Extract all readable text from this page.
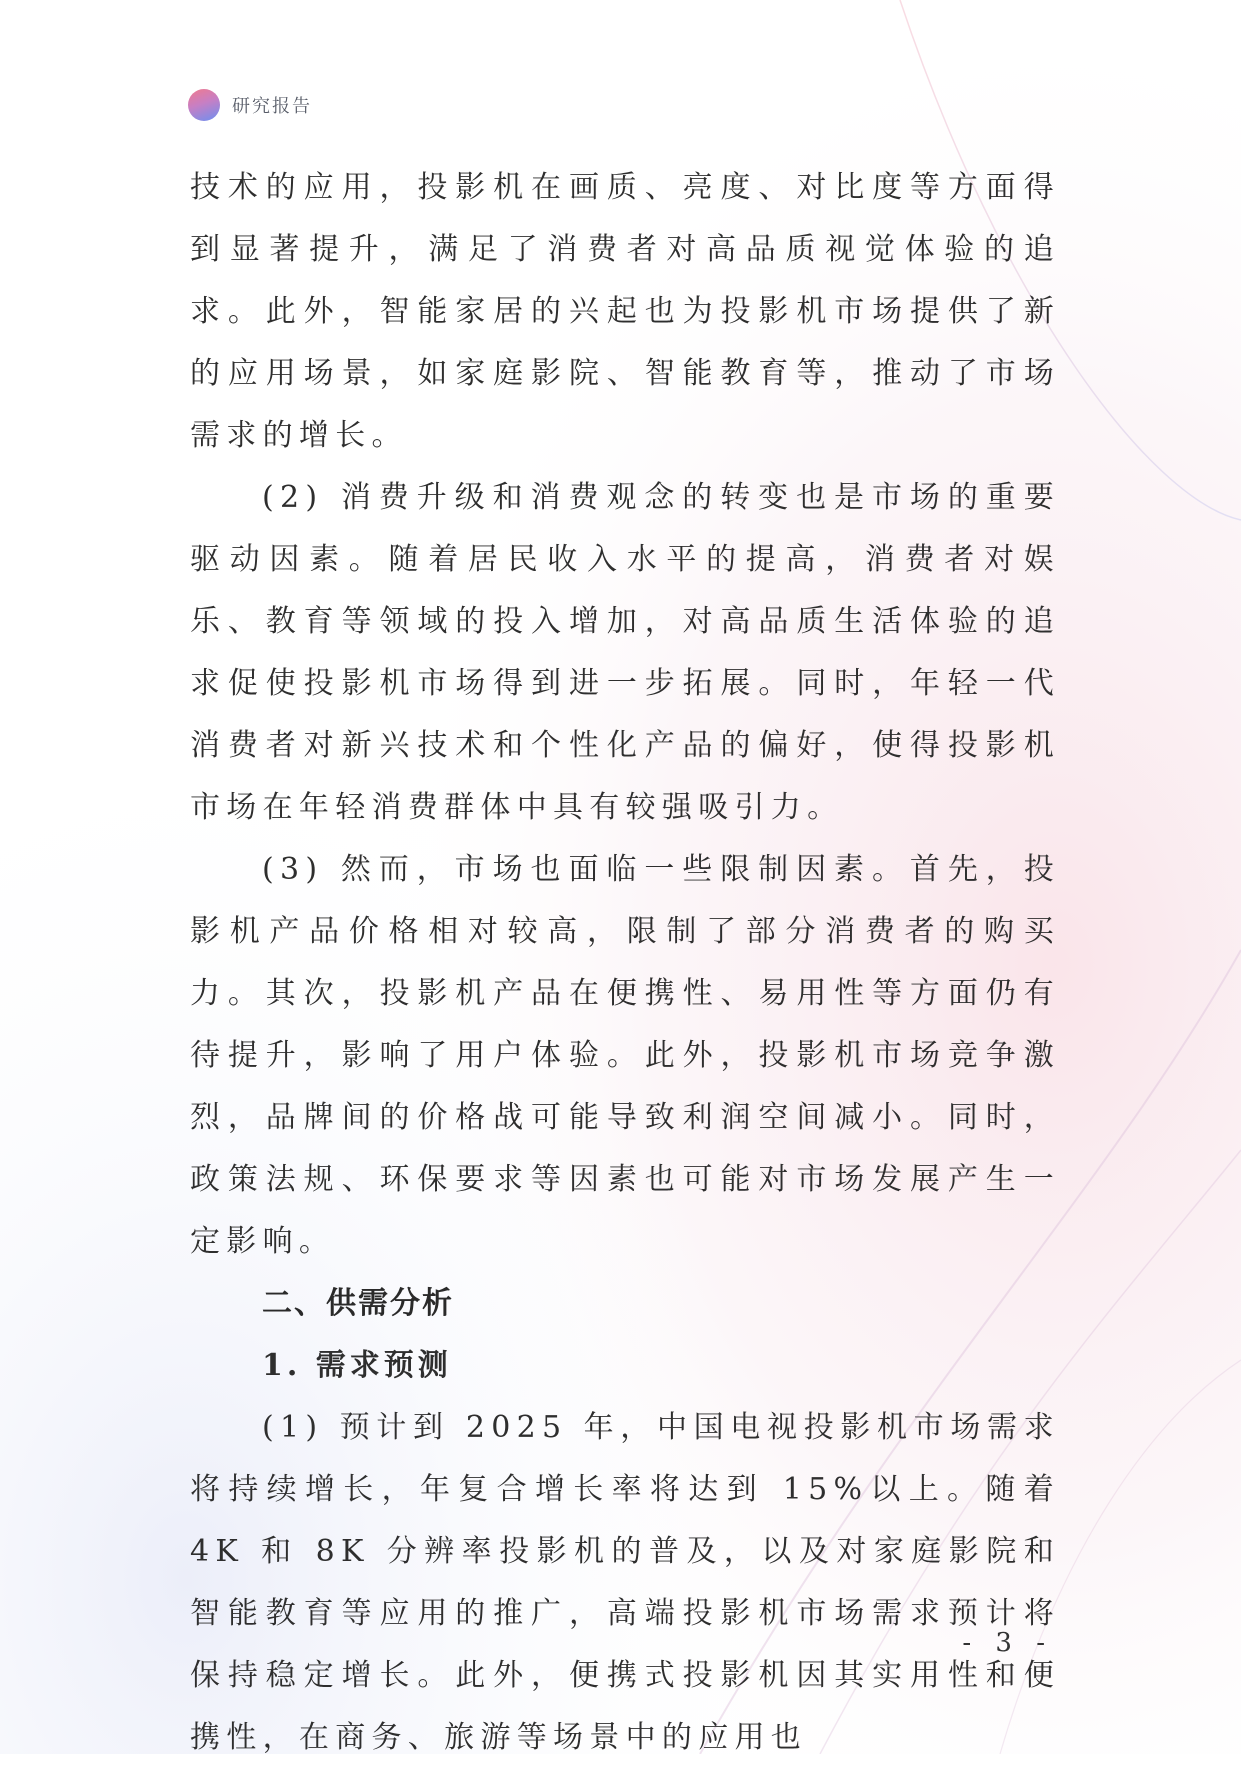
研究报告

技术的应用，投影机在画质、亮度、对比度等方面得到显著提升，满足了消费者对高品质视觉体验的追求。此外，智能家居的兴起也为投影机市场提供了新的应用场景，如家庭影院、智能教育等，推动了市场需求的增长。

(2) 消费升级和消费观念的转变也是市场的重要驱动因素。随着居民收入水平的提高，消费者对娱乐、教育等领域的投入增加，对高品质生活体验的追求促使投影机市场得到进一步拓展。同时，年轻一代消费者对新兴技术和个性化产品的偏好，使得投影机市场在年轻消费群体中具有较强吸引力。

(3) 然而，市场也面临一些限制因素。首先，投影机产品价格相对较高，限制了部分消费者的购买力。其次，投影机产品在便携性、易用性等方面仍有待提升，影响了用户体验。此外，投影机市场竞争激烈，品牌间的价格战可能导致利润空间减小。同时，政策法规、环保要求等因素也可能对市场发展产生一定影响。

二、供需分析
1. 需求预测

(1) 预计到 2025 年，中国电视投影机市场需求将持续增长，年复合增长率将达到 15%以上。随着 4K 和 8K 分辨率投影机的普及，以及对家庭影院和智能教育等应用的推广，高端投影机市场需求预计将保持稳定增长。此外，便携式投影机因其实用性和便携性，在商务、旅游等场景中的应用也

- 3 -
